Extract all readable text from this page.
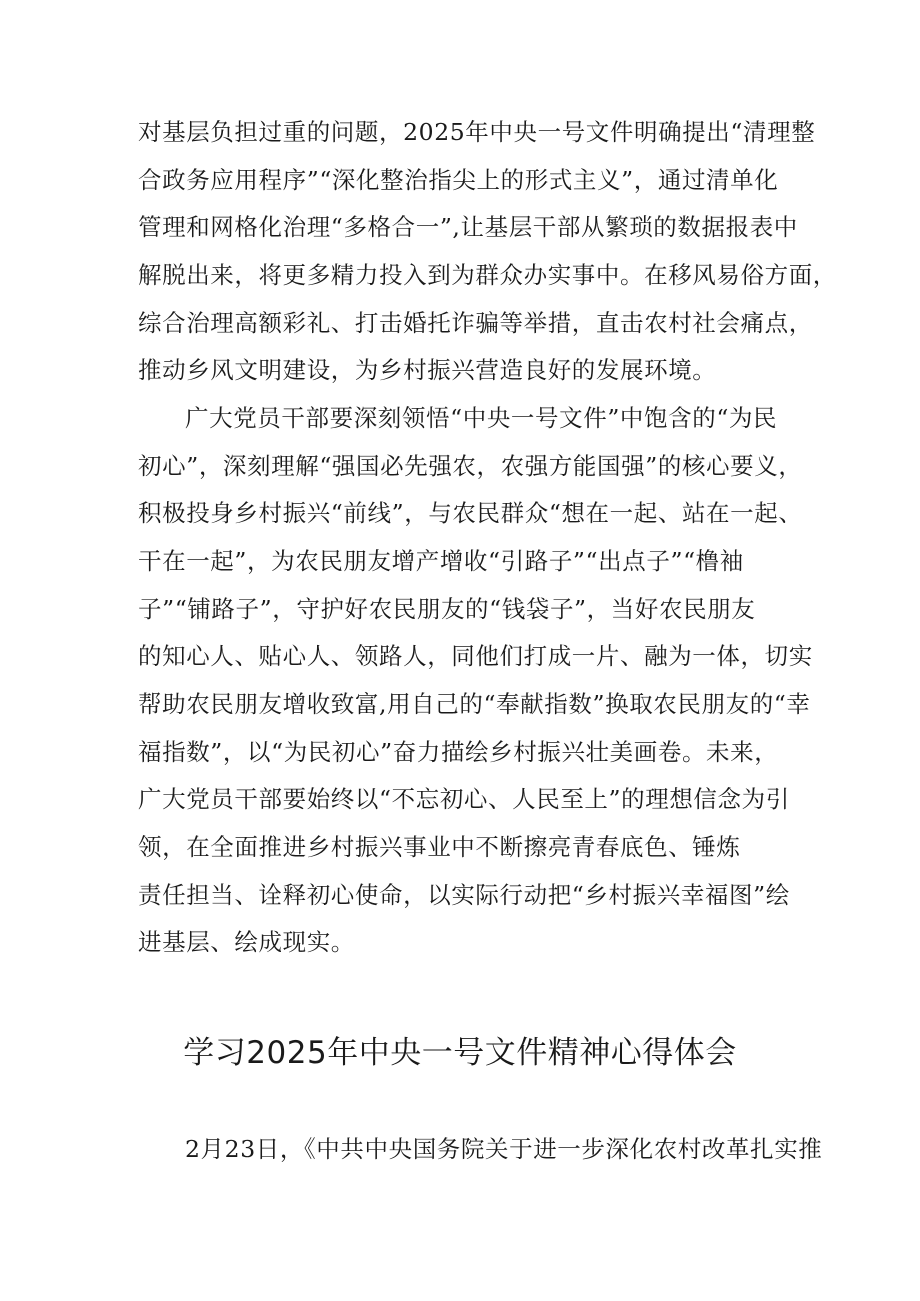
对基层负担过重的问题，2025年中央一号文件明确提出“清理整
合政务应用程序”“深化整治指尖上的形式主义”，通过清单化
管理和网格化治理“多格合一”,让基层干部从繁琐的数据报表中
解脱出来，将更多精力投入到为群众办实事中。在移风易俗方面，
综合治理高额彩礼、打击婚托诈骗等举措，直击农村社会痛点，
推动乡风文明建设，为乡村振兴营造良好的发展环境。
广大党员干部要深刻领悟“中央一号文件”中饱含的“为民
初心”，深刻理解“强国必先强农，农强方能国强”的核心要义，
积极投身乡村振兴“前线”，与农民群众“想在一起、站在一起、
干在一起”，为农民朋友增产增收“引路子”“出点子”“橹袖
子”“铺路子”，守护好农民朋友的“钱袋子”，当好农民朋友
的知心人、贴心人、领路人，同他们打成一片、融为一体，切实
帮助农民朋友增收致富,用自己的“奉献指数”换取农民朋友的“幸
福指数”，以“为民初心”奋力描绘乡村振兴壮美画卷。未来，
广大党员干部要始终以“不忘初心、人民至上”的理想信念为引
领，在全面推进乡村振兴事业中不断擦亮青春底色、锤炼
责任担当、诠释初心使命，以实际行动把“乡村振兴幸福图”绘
进基层、绘成现实。
学习2025年中央一号文件精神心得体会
2月23日，《中共中央国务院关于进一步深化农村改革扎实推
